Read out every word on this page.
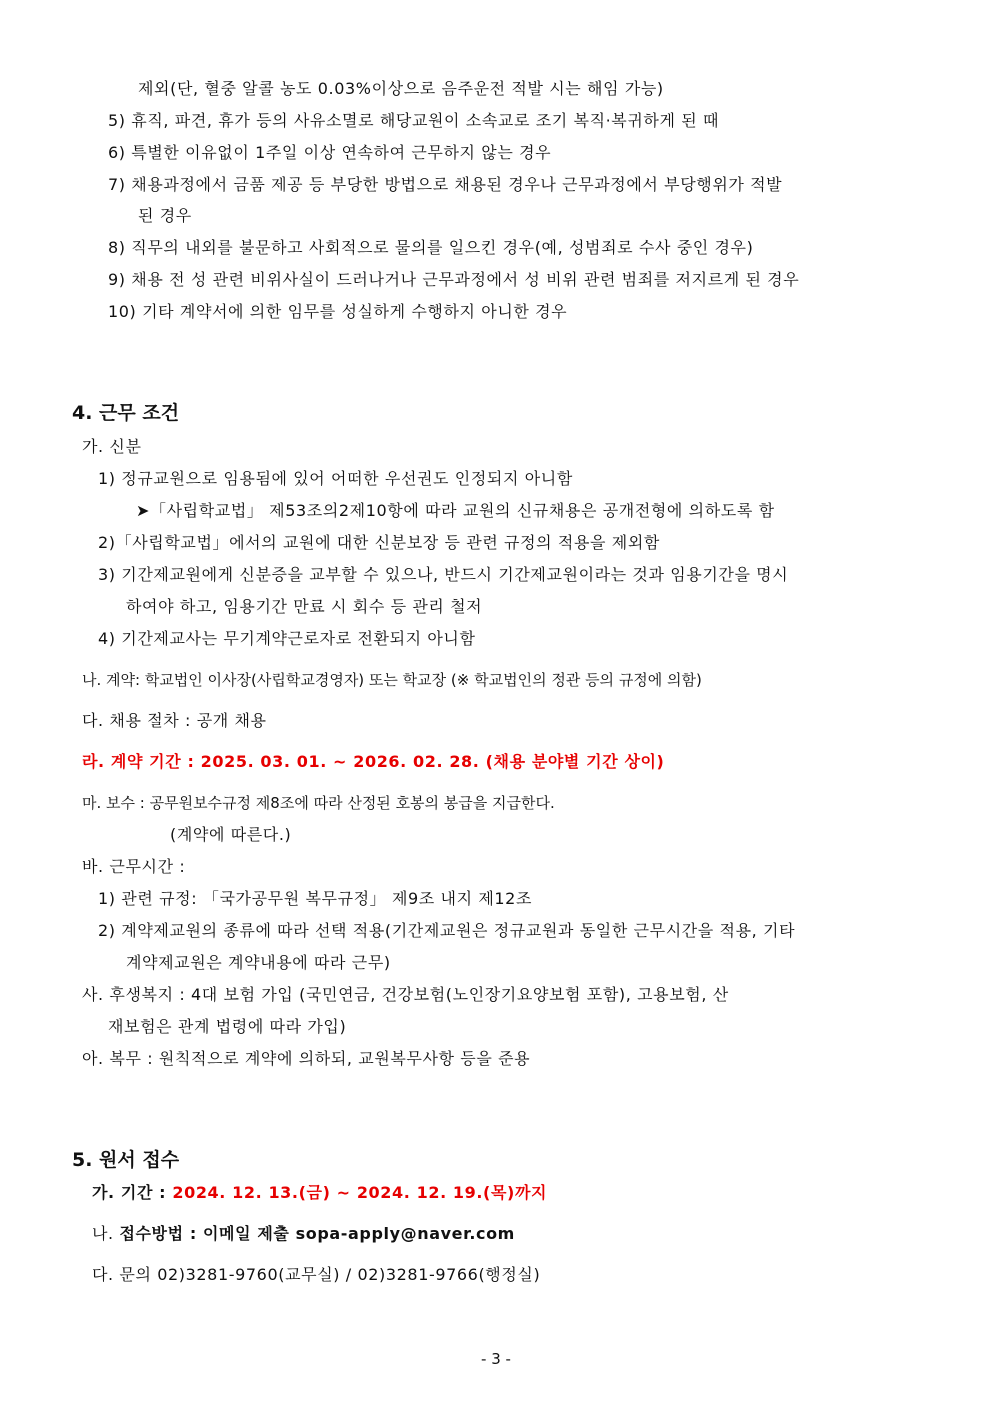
제외(단, 혈중 알콜 농도 0.03%이상으로 음주운전 적발 시는 해임 가능)
5) 휴직, 파견, 휴가 등의 사유소멸로 해당교원이 소속교로 조기 복직·복귀하게 된 때
6) 특별한 이유없이 1주일 이상 연속하여 근무하지 않는 경우
7) 채용과정에서 금품 제공 등 부당한 방법으로 채용된 경우나 근무과정에서 부당행위가 적발
된 경우
8) 직무의 내외를 불문하고 사회적으로 물의를 일으킨 경우(예, 성범죄로 수사 중인 경우)
9) 채용 전 성 관련 비위사실이 드러나거나 근무과정에서 성 비위 관련 범죄를 저지르게 된 경우
10) 기타 계약서에 의한 임무를 성실하게 수행하지 아니한 경우
4. 근무 조건
가. 신분
1) 정규교원으로 임용됨에 있어 어떠한 우선권도 인정되지 아니함
➤「사립학교법」 제53조의2제10항에 따라 교원의 신규채용은 공개전형에 의하도록 함
2)「사립학교법」에서의 교원에 대한 신분보장 등 관련 규정의 적용을 제외함
3) 기간제교원에게 신분증을 교부할 수 있으나, 반드시 기간제교원이라는 것과 임용기간을 명시
하여야 하고, 임용기간 만료 시 회수 등 관리 철저
4) 기간제교사는 무기계약근로자로 전환되지 아니함
나. 계약: 학교법인 이사장(사립학교경영자) 또는 학교장 (※ 학교법인의 정관 등의 규정에 의함)
다. 채용 절차 : 공개 채용
라. 계약 기간 : 2025. 03. 01. ~ 2026. 02. 28. (채용 분야별 기간 상이)
마. 보수 : 공무원보수규정 제8조에 따라 산정된 호봉의 봉급을 지급한다.
(계약에 따른다.)
바. 근무시간 :
1) 관련 규정: 「국가공무원 복무규정」 제9조 내지 제12조
2) 계약제교원의 종류에 따라 선택 적용(기간제교원은 정규교원과 동일한 근무시간을 적용, 기타
계약제교원은 계약내용에 따라 근무)
사. 후생복지 : 4대 보험 가입 (국민연금, 건강보험(노인장기요양보험 포함), 고용보험, 산
재보험은 관계 법령에 따라 가입)
아. 복무 : 원칙적으로 계약에 의하되, 교원복무사항 등을 준용
5. 원서 접수
가. 기간 : 2024. 12. 13.(금) ~ 2024. 12. 19.(목)까지
나. 접수방법 : 이메일 제출 sopa-apply@naver.com
다. 문의 02)3281-9760(교무실) / 02)3281-9766(행정실)
- 3 -
